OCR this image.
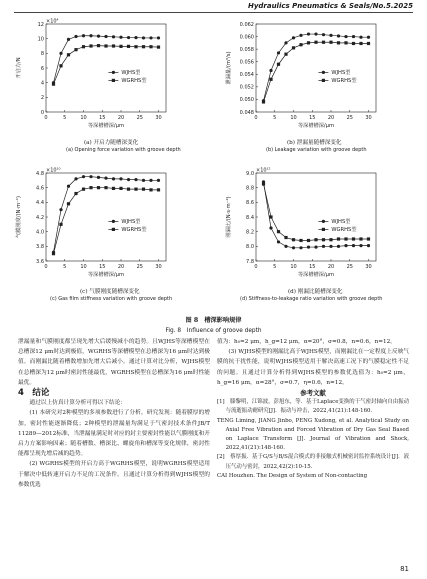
Hydraulics Pneumatics & Seals/No.5.2025
0
2
4
6
8
10
12
0	5	10 15 20 25 30
×10⁴
等深槽槽深/μm
开启力/N	WJHS型
WGRHS型
0.048
0.050
0.052
0.054
0.056
0.058
0.060
0.062
0	5	10 15 20 25 30
等深槽槽深/μm
泄漏量/(m³/s)	WJHS型
WGRHS型
3.6
3.8
4.0
4.2
4.4
4.6
4.8
0	5	10 15 20 25 30
×10¹⁰
等深槽槽深/μm
气膜刚度/(N·m⁻¹)	WJHS型
WGRHS型
7.8
8.0
8.2
8.4
8.6
8.8
9.0
0	5	10 15 20 25 30
×10¹²
等深槽槽深/μm
刚漏比/(N·s·m⁻⁴)	WJHS型
WGRHS型
(a) 开启力随槽深变化
(a) Opening force variation with groove depth
(b) 泄漏量随槽深变化
(b) Leakage variation with groove depth
(c) 气膜刚度随槽深变化
(c) Gas film stiffness variation with groove depth
(d) 刚漏比随槽深变化
(d) Stiffness-to-leakage ratio variation with groove depth
图 8　槽深影响规律
Fig. 8　Influence of groove depth

泄漏量和气膜刚度都呈现先增大后缓慢减小的趋势。且WJHS等深槽模型在总槽深12 μm时达到极值，WGRHS等深槽模型在总槽深为16 μm时达到极值。而刚漏比随着槽数增加先增大后减小。通过计算对比分析，WJHS模型在总槽深为12 μm时密封性能最优，WGRHS模型在总槽深为16 μm时性能最优。

4　结论

通过以上仿真计算分析可得以下结论：

(1) 本研究对2种模型的多项参数进行了分析，研究发现：随着膜厚的增加，密封性能逐渐降低；2种模型的泄漏量均满足于气密封技术条件JB/T 11289—2012标准，当泄漏量满足时对应的封主要密封性能以气膜刚度和开启力方案影响因素；随着槽数、槽深比、螺旋角和槽深等变化规律，密封性能都呈现先增后减的趋势。

(2) WGRHS模型的开启力高于WGRHS模型，说明WGRHS模型适用于解决中低转速开启力不足的工况条件。且通过计算分析得到WJHS模型的参数优选

值为：h₀=2 μm，h_g=12 μm，α=20°，σ=0.8，n=0.6，n=12。

(3) WJHS模型的刚漏比高于WJHS模型，而刚漏比在一定程度上反映气膜的抗干扰性能，说明WJHS模型适用于解决高速工况下的气膜稳定性不足的问题。且通过计算分析得到WJHS模型的参数优选值为：h₀=2 μm，h_g=16 μm，α=28°，σ=0.7，η=0.6，n=12。

参考文献

[1]　滕黎明，江锦波，彭旭东，等．基于Laplace变换的干气密封轴向自由振动与流逝振动耐研究[J]．振动与冲击，2022,41(21):148-160.

TENG Liming, JIANG Jinbo, PENG Xudong, et al. Analytical Study on Axial Free Vibration and Forced Vibration of Dry Gas Seal Based on Laplace Transform [J]. Journal of Vibration and Shock, 2022,41(21):148-160.

[2]　蔡厚振．基于G/S与B/S混合模式的非接触式机械密封监控系统设计[J]．液压气动与密封，2022,42(2):10-15.

CAI Houzhen. The Design of System of Non-contacting

81
